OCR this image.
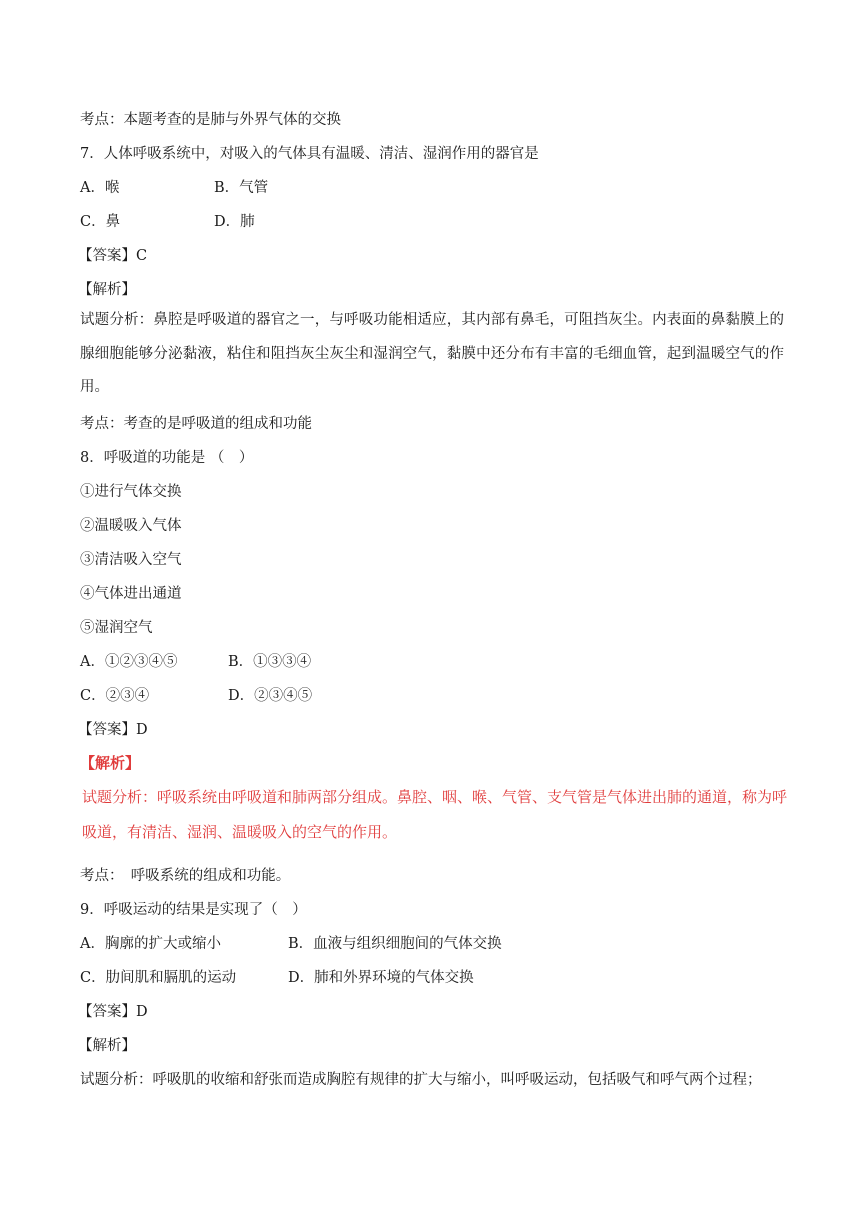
考点：本题考查的是肺与外界气体的交换
7．人体呼吸系统中，对吸入的气体具有温暖、清洁、湿润作用的器官是
A．喉	B．气管
C．鼻	D．肺
【答案】C
【解析】
试题分析：鼻腔是呼吸道的器官之一，与呼吸功能相适应，其内部有鼻毛，可阻挡灰尘。内表面的鼻黏膜上的腺细胞能够分泌黏液，粘住和阻挡灰尘灰尘和湿润空气，黏膜中还分布有丰富的毛细血管，起到温暖空气的作用。
考点：考查的是呼吸道的组成和功能
8．呼吸道的功能是 （　）
①进行气体交换
②温暖吸入气体
③清洁吸入空气
④气体进出通道
⑤湿润空气
A．①②③④⑤	B．①③③④
C．②③④	D．②③④⑤
【答案】D
【解析】
试题分析：呼吸系统由呼吸道和肺两部分组成。鼻腔、咽、喉、气管、支气管是气体进出肺的通道，称为呼吸道，有清洁、湿润、温暖吸入的空气的作用。
考点：　呼吸系统的组成和功能。
9．呼吸运动的结果是实现了（　）
A．胸廓的扩大或缩小	B．血液与组织细胞间的气体交换
C．肋间肌和膈肌的运动	D．肺和外界环境的气体交换
【答案】D
【解析】
试题分析：呼吸肌的收缩和舒张而造成胸腔有规律的扩大与缩小，叫呼吸运动，包括吸气和呼气两个过程；
